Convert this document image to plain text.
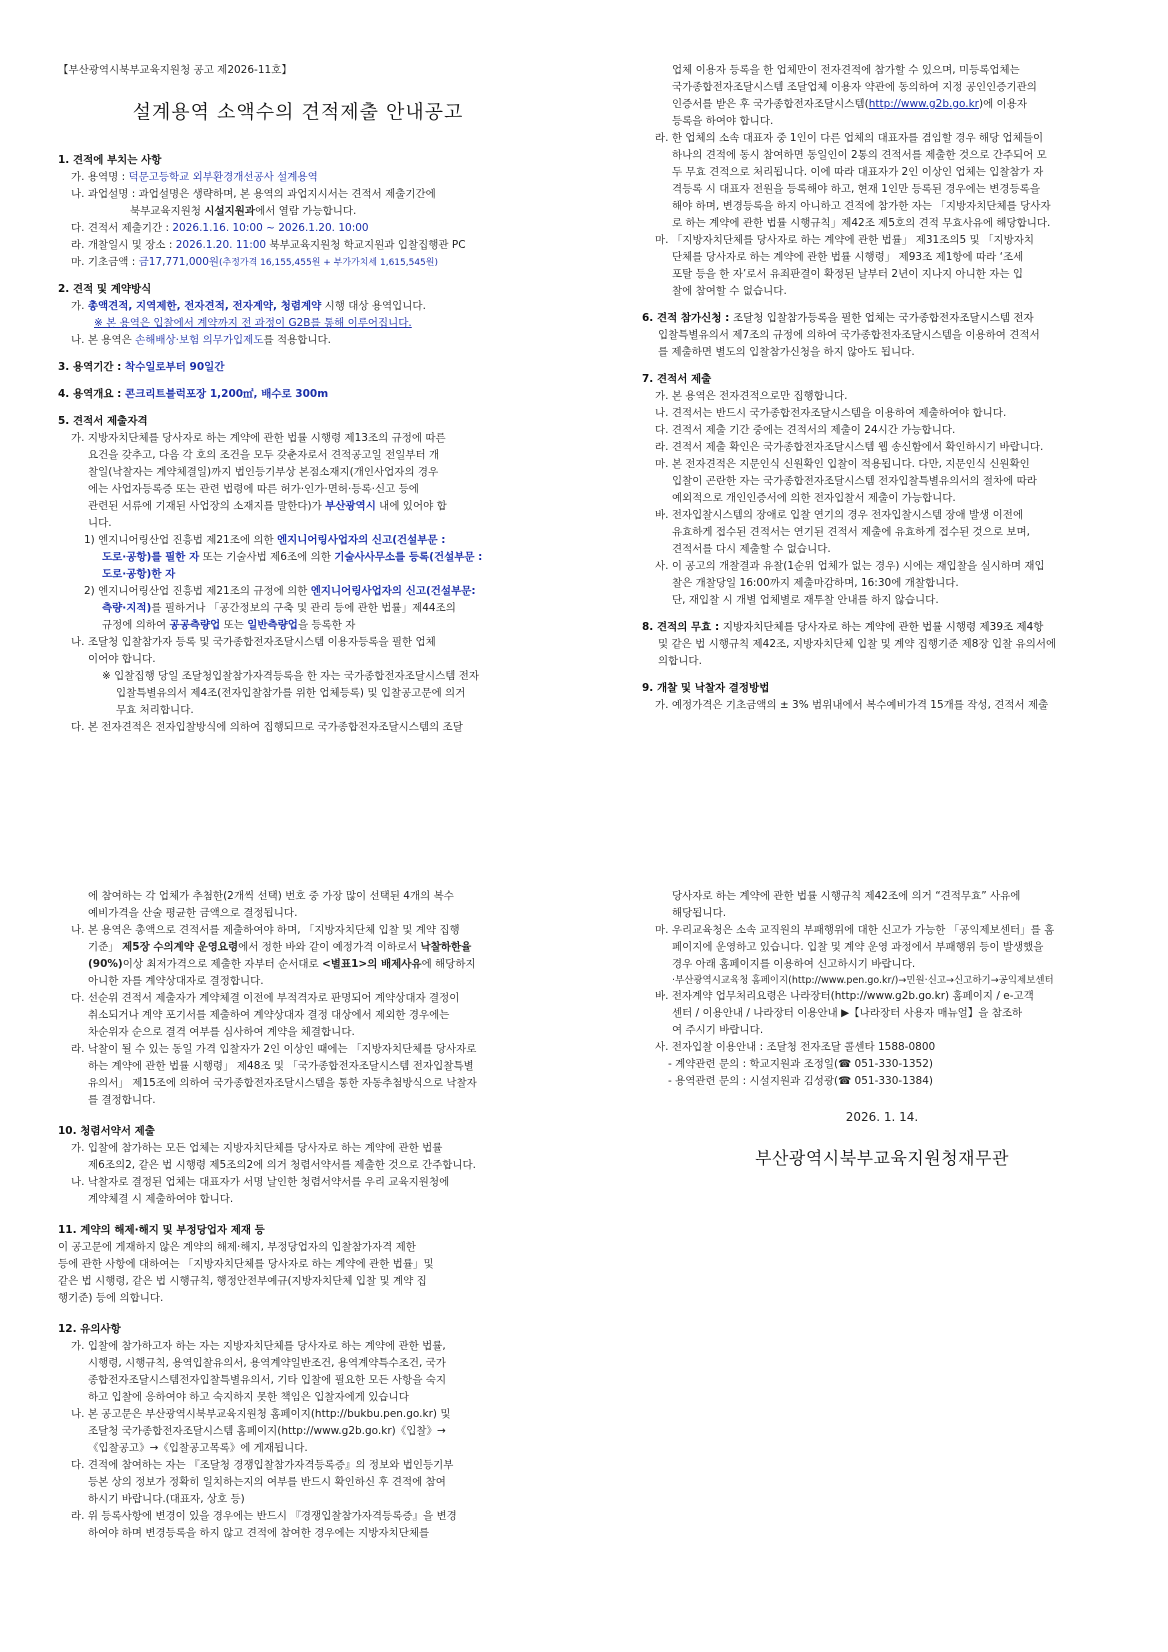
【부산광역시북부교육지원청 공고 제2026-11호】
설계용역 소액수의 견적제출 안내공고
1. 견적에 부치는 사항

가. 용역명 : 덕문고등학교 외부환경개선공사 설계용역

나. 과업설명 : 과업설명은 생략하며, 본 용역의 과업지시서는 견적서 제출기간에

북부교육지원청 시설지원과에서 열람 가능합니다.

다. 견적서 제출기간 : 2026.1.16. 10:00 ~ 2026.1.20. 10:00

라. 개찰일시 및 장소 : 2026.1.20. 11:00 북부교육지원청 학교지원과 입찰집행관 PC

마. 기초금액 : 금17,771,000원(추정가격 16,155,455원 + 부가가치세 1,615,545원)

2. 견적 및 계약방식

가. 총액견적, 지역제한, 전자견적, 전자계약, 청렴계약 시행 대상 용역입니다.

※ 본 용역은 입찰에서 계약까지 전 과정이 G2B를 통해 이루어집니다.

나. 본 용역은 손해배상·보험 의무가입제도를 적용합니다.

3. 용역기간 : 착수일로부터 90일간
4. 용역개요 : 콘크리트블럭포장 1,200㎡, 배수로 300m
5. 견적서 제출자격

가. 지방자치단체를 당사자로 하는 계약에 관한 법률 시행령 제13조의 규정에 따른

요건을 갖추고, 다음 각 호의 조건을 모두 갖춘자로서 견적공고일 전일부터 개

찰일(낙찰자는 계약체결일)까지 법인등기부상 본점소재지(개인사업자의 경우

에는 사업자등록증 또는 관련 법령에 따른 허가·인가·면허·등록·신고 등에

관련된 서류에 기재된 사업장의 소재지를 말한다)가 부산광역시 내에 있어야 합

니다.

1) 엔지니어링산업 진흥법 제21조에 의한 엔지니어링사업자의 신고(건설부문 :

도로·공항)를 필한 자 또는 기술사법 제6조에 의한 기술사사무소를 등록(건설부문 :

도로·공항)한 자

2) 엔지니어링산업 진흥법 제21조의 규정에 의한 엔지니어링사업자의 신고(건설부문:

측량·지적)를 필하거나 「공간정보의 구축 및 관리 등에 관한 법률」제44조의

규정에 의하여 공공측량업 또는 일반측량업을 등록한 자

나. 조달청 입찰참가자 등록 및 국가종합전자조달시스템 이용자등록을 필한 업체

이어야 합니다.

※ 입찰집행 당일 조달청입찰참가자격등록을 한 자는 국가종합전자조달시스템 전자

입찰특별유의서 제4조(전자입찰참가를 위한 업체등록) 및 입찰공고문에 의거

무효 처리합니다.

다. 본 전자견적은 전자입찰방식에 의하여 집행되므로 국가종합전자조달시스템의 조달

업체 이용자 등록을 한 업체만이 전자견적에 참가할 수 있으며, 미등록업체는

국가종합전자조달시스템 조달업체 이용자 약관에 동의하여 지정 공인인증기관의

인증서를 받은 후 국가종합전자조달시스템(http://www.g2b.go.kr)에 이용자

등록을 하여야 합니다.

라. 한 업체의 소속 대표자 중 1인이 다른 업체의 대표자를 겸임할 경우 해당 업체들이

하나의 견적에 동시 참여하면 동일인이 2통의 견적서를 제출한 것으로 간주되어 모

두 무효 견적으로 처리됩니다. 이에 따라 대표자가 2인 이상인 업체는 입찰참가 자

격등록 시 대표자 전원을 등록해야 하고, 현재 1인만 등록된 경우에는 변경등록을

해야 하며, 변경등록을 하지 아니하고 견적에 참가한 자는 「지방자치단체를 당사자

로 하는 계약에 관한 법률 시행규칙」제42조 제5호의 견적 무효사유에 해당합니다.

마. 「지방자치단체를 당사자로 하는 계약에 관한 법률」 제31조의5 및 「지방자치

단체를 당사자로 하는 계약에 관한 법률 시행령」 제93조 제1항에 따라 ‘조세

포탈 등을 한 자’로서 유죄판결이 확정된 날부터 2년이 지나지 아니한 자는 입

찰에 참여할 수 없습니다.

6. 견적 참가신청 : 조달청 입찰참가등록을 필한 업체는 국가종합전자조달시스템 전자

입찰특별유의서 제7조의 규정에 의하여 국가종합전자조달시스템을 이용하여 견적서

를 제출하면 별도의 입찰참가신청을 하지 않아도 됩니다.

7. 견적서 제출

가. 본 용역은 전자견적으로만 집행합니다.

나. 견적서는 반드시 국가종합전자조달시스템을 이용하여 제출하여야 합니다.

다. 견적서 제출 기간 중에는 견적서의 제출이 24시간 가능합니다.

라. 견적서 제출 확인은 국가종합전자조달시스템 웹 송신함에서 확인하시기 바랍니다.

마. 본 전자견적은 지문인식 신원확인 입찰이 적용됩니다. 다만, 지문인식 신원확인

입찰이 곤란한 자는 국가종합전자조달시스템 전자입찰특별유의서의 절차에 따라

예외적으로 개인인증서에 의한 전자입찰서 제출이 가능합니다.

바. 전자입찰시스템의 장애로 입찰 연기의 경우 전자입찰시스템 장애 발생 이전에

유효하게 접수된 견적서는 연기된 견적서 제출에 유효하게 접수된 것으로 보며,

견적서를 다시 제출할 수 없습니다.

사. 이 공고의 개찰결과 유찰(1순위 업체가 없는 경우) 시에는 재입찰을 실시하며 재입

찰은 개찰당일 16:00까지 제출마감하며, 16:30에 개찰합니다.

단, 재입찰 시 개별 업체별로 재투찰 안내를 하지 않습니다.

8. 견적의 무효 : 지방자치단체를 당사자로 하는 계약에 관한 법률 시행령 제39조 제4항

및 같은 법 시행규칙 제42조, 지방자치단체 입찰 및 계약 집행기준 제8장 입찰 유의서에

의합니다.

9. 개찰 및 낙찰자 결정방법

가. 예정가격은 기초금액의 ± 3% 범위내에서 복수예비가격 15개를 작성, 견적서 제출

에 참여하는 각 업체가 추첨한(2개씩 선택) 번호 중 가장 많이 선택된 4개의 복수

예비가격을 산술 평균한 금액으로 결정됩니다.

나. 본 용역은 총액으로 견적서를 제출하여야 하며, 「지방자치단체 입찰 및 계약 집행

기준」 제5장 수의계약 운영요령에서 정한 바와 같이 예정가격 이하로서 낙찰하한율

(90%)이상 최저가격으로 제출한 자부터 순서대로 <별표1>의 배제사유에 해당하지

아니한 자를 계약상대자로 결정합니다.

다. 선순위 견적서 제출자가 계약체결 이전에 부적격자로 판명되어 계약상대자 결정이

취소되거나 계약 포기서를 제출하여 계약상대자 결정 대상에서 제외한 경우에는

차순위자 순으로 결격 여부를 심사하여 계약을 체결합니다.

라. 낙찰이 될 수 있는 동일 가격 입찰자가 2인 이상인 때에는 「지방자치단체를 당사자로

하는 계약에 관한 법률 시행령」 제48조 및 「국가종합전자조달시스템 전자입찰특별

유의서」 제15조에 의하여 국가종합전자조달시스템을 통한 자동추첨방식으로 낙찰자

를 결정합니다.

10. 청렴서약서 제출

가. 입찰에 참가하는 모든 업체는 지방자치단체를 당사자로 하는 계약에 관한 법률

제6조의2, 같은 법 시행령 제5조의2에 의거 청렴서약서를 제출한 것으로 간주합니다.

나. 낙찰자로 결정된 업체는 대표자가 서명 날인한 청렴서약서를 우리 교육지원청에

계약체결 시 제출하여야 합니다.

11. 계약의 해제·해지 및 부정당업자 제재 등

이 공고문에 게재하지 않은 계약의 해제·해지, 부정당업자의 입찰참가자격 제한

등에 관한 사항에 대하여는 「지방자치단체를 당사자로 하는 계약에 관한 법률」및

같은 법 시행령, 같은 법 시행규칙, 행정안전부예규(지방자치단체 입찰 및 계약 집

행기준) 등에 의합니다.

12. 유의사항

가. 입찰에 참가하고자 하는 자는 지방자치단체를 당사자로 하는 계약에 관한 법률,

시행령, 시행규칙, 용역입찰유의서, 용역계약일반조건, 용역계약특수조건, 국가

종합전자조달시스템전자입찰특별유의서, 기타 입찰에 필요한 모든 사항을 숙지

하고 입찰에 응하여야 하고 숙지하지 못한 책임은 입찰자에게 있습니다

나. 본 공고문은 부산광역시북부교육지원청 홈페이지(http://bukbu.pen.go.kr) 및

조달청 국가종합전자조달시스템 홈페이지(http://www.g2b.go.kr)《입찰》→

《입찰공고》→《입찰공고목록》에 게재됩니다.

다. 견적에 참여하는 자는 『조달청 경쟁입찰참가자격등록증』의 정보와 법인등기부

등본 상의 정보가 정확히 일치하는지의 여부를 반드시 확인하신 후 견적에 참여

하시기 바랍니다.(대표자, 상호 등)

라. 위 등록사항에 변경이 있을 경우에는 반드시 『경쟁입찰참가자격등록증』을 변경

하여야 하며 변경등록을 하지 않고 견적에 참여한 경우에는 지방자치단체를

당사자로 하는 계약에 관한 법률 시행규칙 제42조에 의거 “견적무효” 사유에

해당됩니다.

마. 우리교육청은 소속 교직원의 부패행위에 대한 신고가 가능한 「공익제보센터」를 홈

페이지에 운영하고 있습니다. 입찰 및 계약 운영 과정에서 부패행위 등이 발생했을

경우 아래 홈페이지를 이용하여 신고하시기 바랍니다.

·부산광역시교육청 홈페이지(http://www.pen.go.kr/)→민원·신고→신고하기→공익제보센터

바. 전자계약 업무처리요령은 나라장터(http://www.g2b.go.kr) 홈페이지 / e-고객

센터 / 이용안내 / 나라장터 이용안내 ▶【나라장터 사용자 매뉴얼】을 참조하

여 주시기 바랍니다.

사. 전자입찰 이용안내 : 조달청 전자조달 콜센타 1588-0800

- 계약관련 문의 : 학교지원과 조정일(☎ 051-330-1352)

- 용역관련 문의 : 시설지원과 김성광(☎ 051-330-1384)

2026. 1. 14.
부산광역시북부교육지원청재무관
